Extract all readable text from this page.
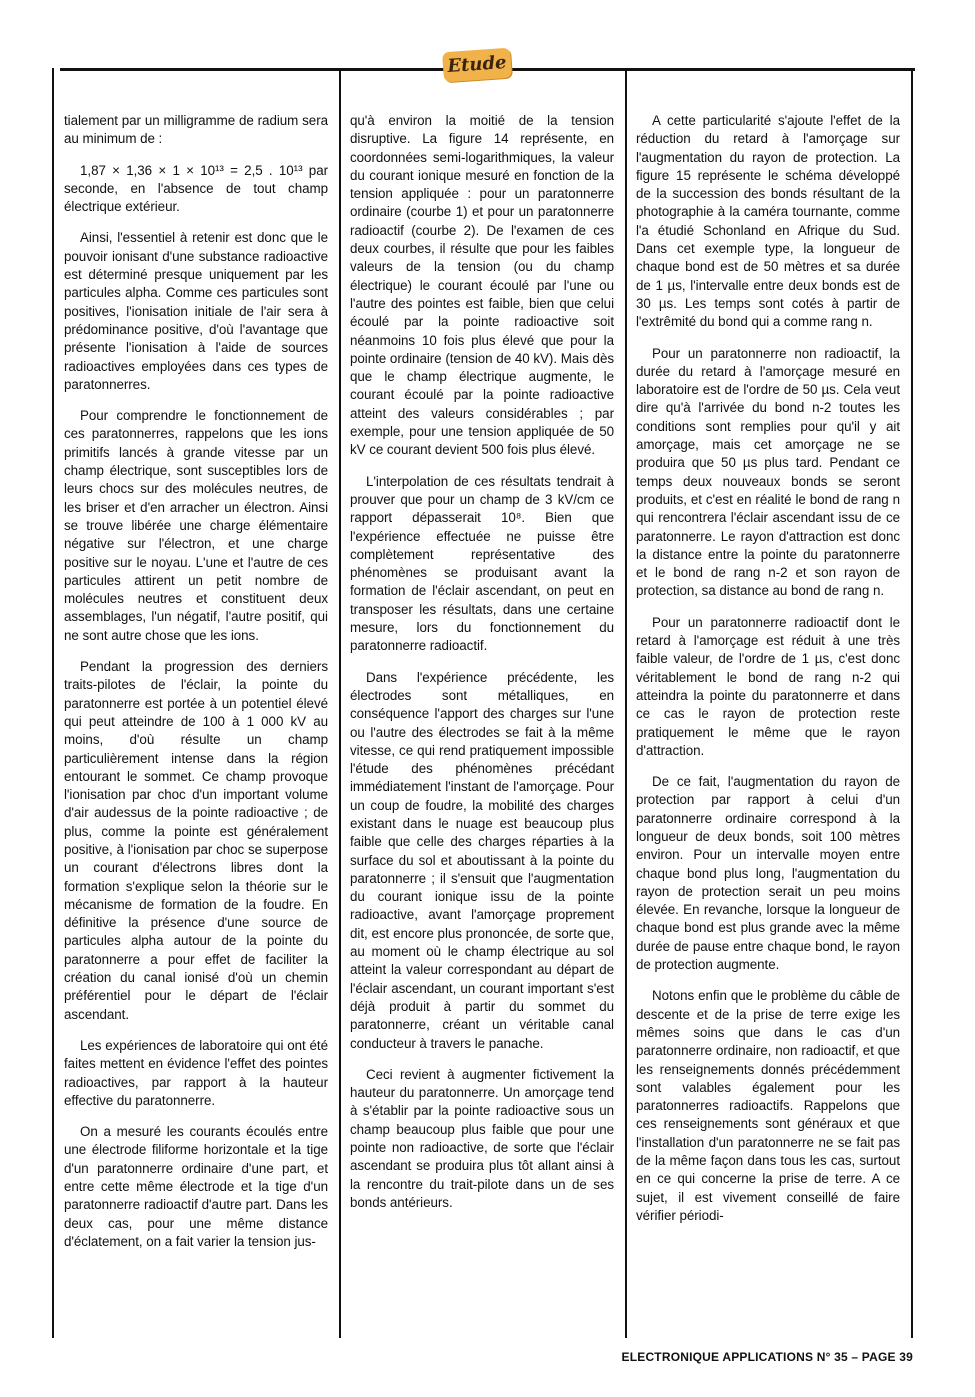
Etude

tialement par un milligramme de radium sera au minimum de :

1,87 × 1,36 × 1 × 10¹³ = 2,5 . 10¹³ par seconde, en l'absence de tout champ électrique extérieur.

Ainsi, l'essentiel à retenir est donc que le pouvoir ionisant d'une substance radioactive est déterminé presque uniquement par les particules alpha. Comme ces particules sont positives, l'ionisation initiale de l'air sera à prédominance positive, d'où l'avantage que présente l'ionisation à l'aide de sources radioactives employées dans ces types de paratonnerres.

Pour comprendre le fonctionnement de ces paratonnerres, rappelons que les ions primitifs lancés à grande vitesse par un champ électrique, sont susceptibles lors de leurs chocs sur des molécules neutres, de les briser et d'en arracher un électron. Ainsi se trouve libérée une charge élémentaire négative sur l'électron, et une charge positive sur le noyau. L'une et l'autre de ces particules attirent un petit nombre de molécules neutres et constituent deux assemblages, l'un négatif, l'autre positif, qui ne sont autre chose que les ions.

Pendant la progression des derniers traits-pilotes de l'éclair, la pointe du paratonnerre est portée à un potentiel élevé qui peut atteindre de 100 à 1 000 kV au moins, d'où résulte un champ particulièrement intense dans la région entourant le sommet. Ce champ provoque l'ionisation par choc d'un important volume d'air audessus de la pointe radioactive ; de plus, comme la pointe est généralement positive, à l'ionisation par choc se superpose un courant d'électrons libres dont la formation s'explique selon la théorie sur le mécanisme de formation de la foudre. En définitive la présence d'une source de particules alpha autour de la pointe du paratonnerre a pour effet de faciliter la création du canal ionisé d'où un chemin préférentiel pour le départ de l'éclair ascendant.

Les expériences de laboratoire qui ont été faites mettent en évidence l'effet des pointes radioactives, par rapport à la hauteur effective du paratonnerre.

On a mesuré les courants écoulés entre une électrode filiforme horizontale et la tige d'un paratonnerre ordinaire d'une part, et entre cette même électrode et la tige d'un paratonnerre radioactif d'autre part. Dans les deux cas, pour une même distance d'éclatement, on a fait varier la tension jus-

qu'à environ la moitié de la tension disruptive. La figure 14 représente, en coordonnées semi-logarithmiques, la valeur du courant ionique mesuré en fonction de la tension appliquée : pour un paratonnerre ordinaire (courbe 1) et pour un paratonnerre radioactif (courbe 2). De l'examen de ces deux courbes, il résulte que pour les faibles valeurs de la tension (ou du champ électrique) le courant écoulé par l'une ou l'autre des pointes est faible, bien que celui écoulé par la pointe radioactive soit néanmoins 10 fois plus élevé que pour la pointe ordinaire (tension de 40 kV). Mais dès que le champ électrique augmente, le courant écoulé par la pointe radioactive atteint des valeurs considérables ; par exemple, pour une tension appliquée de 50 kV ce courant devient 500 fois plus élevé.

L'interpolation de ces résultats tendrait à prouver que pour un champ de 3 kV/cm ce rapport dépasserait 10⁸. Bien que l'expérience effectuée ne puisse être complètement représentative des phénomènes se produisant avant la formation de l'éclair ascendant, on peut en transposer les résultats, dans une certaine mesure, lors du fonctionnement du paratonnerre radioactif.

Dans l'expérience précédente, les électrodes sont métalliques, en conséquence l'apport des charges sur l'une ou l'autre des électrodes se fait à la même vitesse, ce qui rend pratiquement impossible l'étude des phénomènes précédant immédiatement l'instant de l'amorçage. Pour un coup de foudre, la mobilité des charges existant dans le nuage est beaucoup plus faible que celle des charges réparties à la surface du sol et aboutissant à la pointe du paratonnerre ; il s'ensuit que l'augmentation du courant ionique issu de la pointe radioactive, avant l'amorçage proprement dit, est encore plus prononcée, de sorte que, au moment où le champ électrique au sol atteint la valeur correspondant au départ de l'éclair ascendant, un courant important s'est déjà produit à partir du sommet du paratonnerre, créant un véritable canal conducteur à travers le panache.

Ceci revient à augmenter fictivement la hauteur du paratonnerre. Un amorçage tend à s'établir par la pointe radioactive sous un champ beaucoup plus faible que pour une pointe non radioactive, de sorte que l'éclair ascendant se produira plus tôt allant ainsi à la rencontre du trait-pilote dans un de ses bonds antérieurs.

A cette particularité s'ajoute l'effet de la réduction du retard à l'amorçage sur l'augmentation du rayon de protection. La figure 15 représente le schéma développé de la succession des bonds résultant de la photographie à la caméra tournante, comme l'a étudié Schonland en Afrique du Sud. Dans cet exemple type, la longueur de chaque bond est de 50 mètres et sa durée de 1 µs, l'intervalle entre deux bonds est de 30 µs. Les temps sont cotés à partir de l'extrêmité du bond qui a comme rang n.

Pour un paratonnerre non radioactif, la durée du retard à l'amorçage mesuré en laboratoire est de l'ordre de 50 µs. Cela veut dire qu'à l'arrivée du bond n-2 toutes les conditions sont remplies pour qu'il y ait amorçage, mais cet amorçage ne se produira que 50 µs plus tard. Pendant ce temps deux nouveaux bonds se seront produits, et c'est en réalité le bond de rang n qui rencontrera l'éclair ascendant issu de ce paratonnerre. Le rayon d'attraction est donc la distance entre la pointe du paratonnerre et le bond de rang n-2 et son rayon de protection, sa distance au bond de rang n.

Pour un paratonnerre radioactif dont le retard à l'amorçage est réduit à une très faible valeur, de l'ordre de 1 µs, c'est donc véritablement le bond de rang n-2 qui atteindra la pointe du paratonnerre et dans ce cas le rayon de protection reste pratiquement le même que le rayon d'attraction.

De ce fait, l'augmentation du rayon de protection par rapport à celui d'un paratonnerre ordinaire correspond à la longueur de deux bonds, soit 100 mètres environ. Pour un intervalle moyen entre chaque bond plus long, l'augmentation du rayon de protection serait un peu moins élevée. En revanche, lorsque la longueur de chaque bond est plus grande avec la même durée de pause entre chaque bond, le rayon de protection augmente.

Notons enfin que le problème du câble de descente et de la prise de terre exige les mêmes soins que dans le cas d'un paratonnerre ordinaire, non radioactif, et que les renseignements donnés précédemment sont valables également pour les paratonnerres radioactifs. Rappelons que ces renseignements sont généraux et que l'installation d'un paratonnerre ne se fait pas de la même façon dans tous les cas, surtout en ce qui concerne la prise de terre. A ce sujet, il est vivement conseillé de faire vérifier périodi-

ELECTRONIQUE APPLICATIONS N° 35 – PAGE 39
